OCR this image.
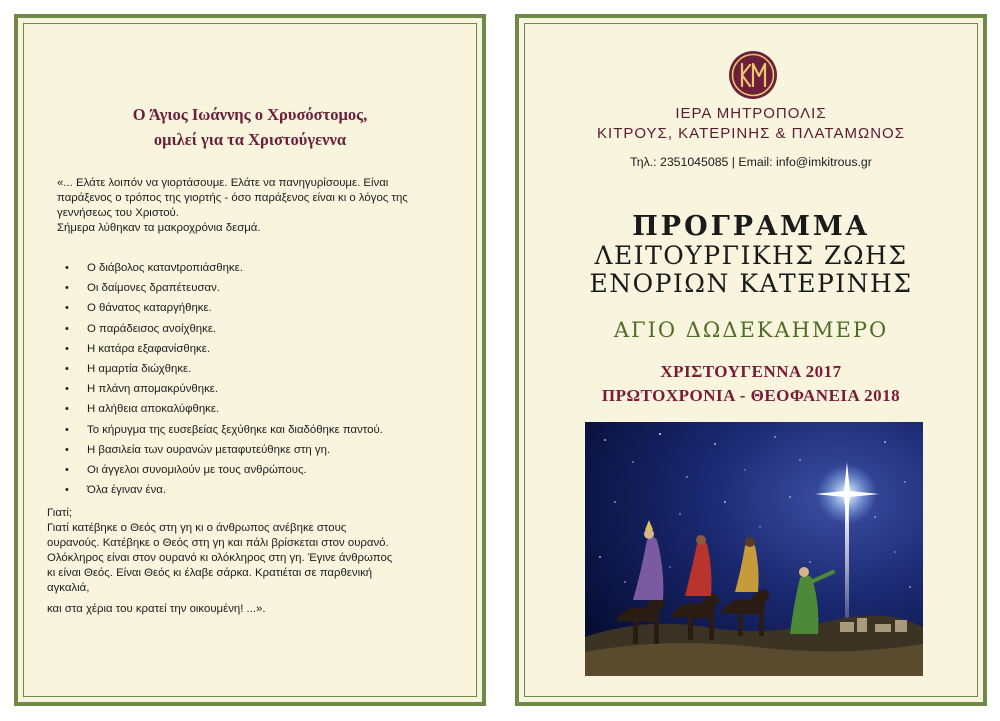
Ο Άγιος Ιωάννης ο Χρυσόστομος,
ομιλεί για τα Χριστούγεννα

«... Ελάτε λοιπόν να γιορτάσουμε. Ελάτε να πανηγυρίσουμε. Είναι
παράξενος ο τρόπος της γιορτής - όσο παράξενος είναι κι ο λόγος της
γεννήσεως του Χριστού.
Σήμερα λύθηκαν τα μακροχρόνια δεσμά.

• Ο διάβολος κατανtροπιάσθηκε.
• Οι δαίμονες δραπέτευσαν.
• Ο θάνατος καταργήθηκε.
• Ο παράδεισος ανοίχθηκε.
• Η κατάρα εξαφανίσθηκε.
• Η αμαρτία διώχθηκε.
• Η πλάνη απομακρύνθηκε.
• Η αλήθεια αποκαλύφθηκε.
• Το κήρυγμα της ευσεβείας ξεχύθηκε και διαδόθηκε παντού.
• Η βασιλεία των ουρανών μεταφυτεύθηκε στη γη.
• Οι άγγελοι συνομιλούν με τους ανθρώπους.
• Όλα έγιναν ένα.

Γιατί;
Γιατί κατέβηκε ο Θεός στη γη κι ο άνθρωπος ανέβηκε στους
ουρανούς. Κατέβηκε ο Θεός στη γη και πάλι βρίσκεται στον ουρανό.
Ολόκληρος είναι στον ουρανό κι ολόκληρος στη γη. Έγινε άνθρωπος
κι είναι Θεός. Είναι Θεός κι έλαβε σάρκα. Κρατιέται σε παρθενική
αγκαλιά,
και στα χέρια του κρατεί την οικουμένη! ...».

ΙΕΡΑ ΜΗΤΡΟΠΟΛΙΣ
ΚΙΤΡΟΥΣ, ΚΑΤΕΡΙΝΗΣ & ΠΛΑΤΑΜΩΝΟΣ
Τηλ.: 2351045085 | Email: info@imkitrous.gr
ΠΡΟΓΡΑΜΜΑ
ΛΕΙΤΟΥΡΓΙΚΗΣ ΖΩΗΣ
ΕΝΟΡΙΩΝ ΚΑΤΕΡΙΝΗΣ
ΑΓΙΟ ΔΩΔΕΚΑΗΜΕΡΟ
ΧΡΙΣΤΟΥΓΕΝΝΑ 2017
ΠΡΩΤΟΧΡΟΝΙΑ - ΘΕΟΦΑΝΕΙΑ 2018
